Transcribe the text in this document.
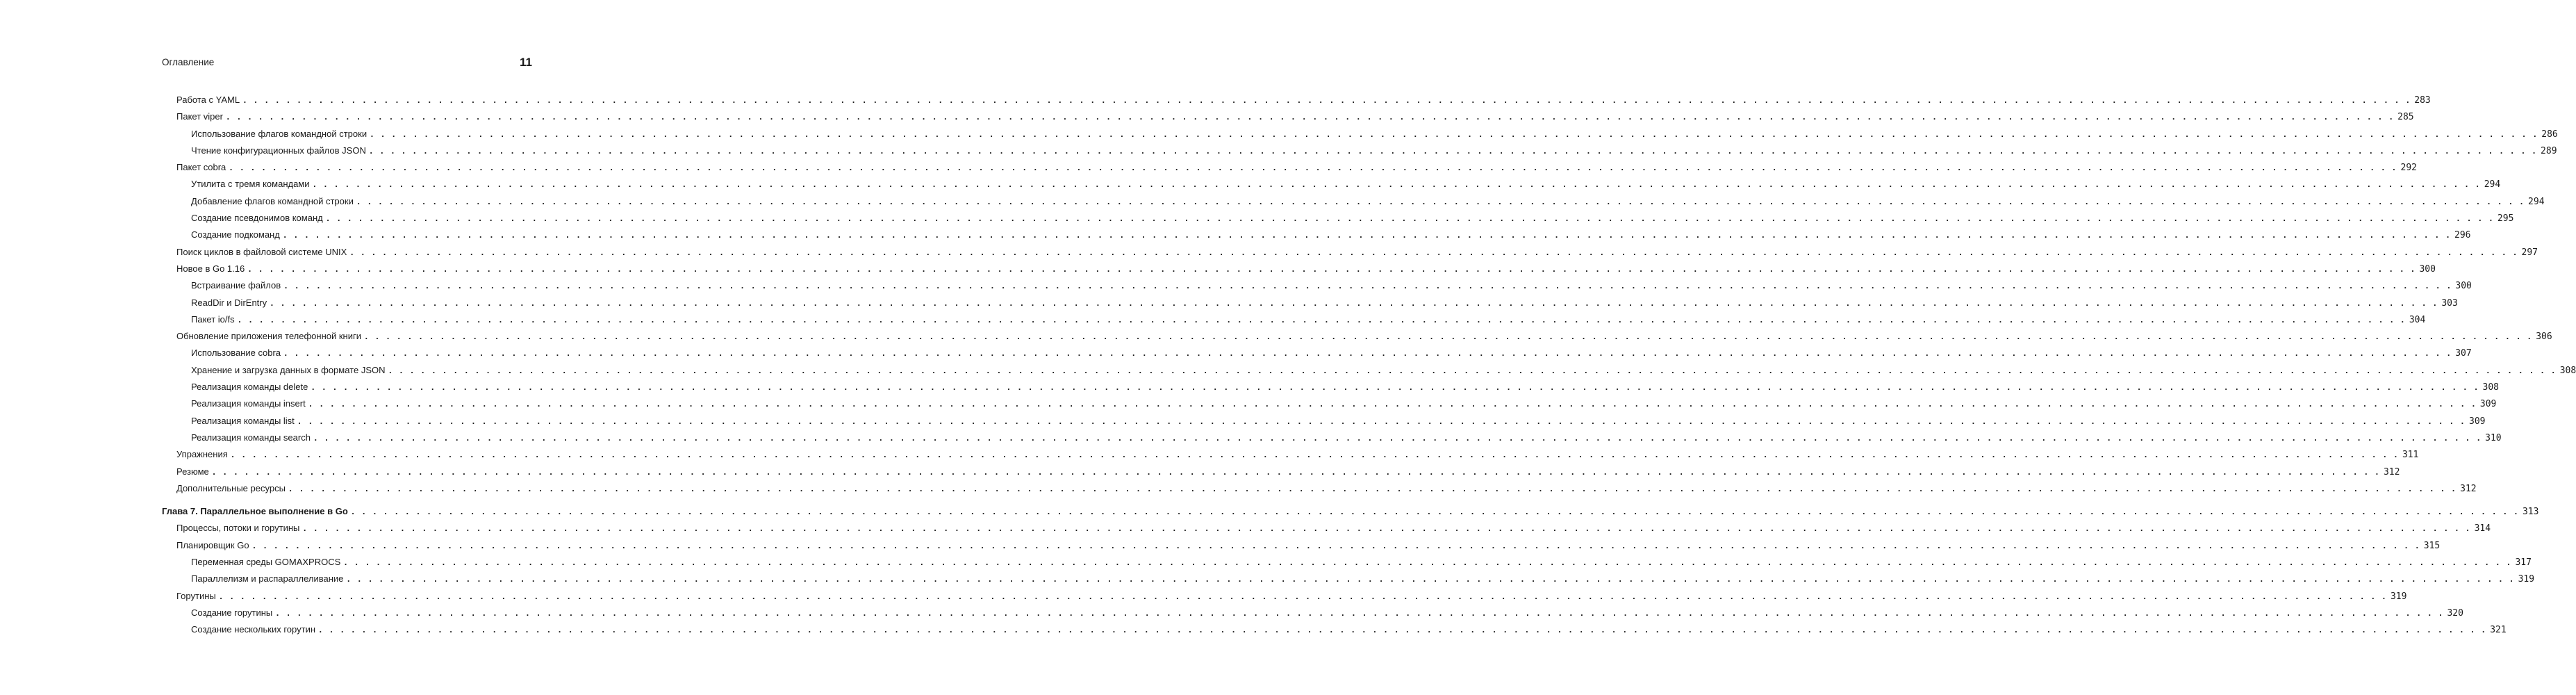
Оглавление	11
Работа с YAML . . . . . . . . . . . . . . . . . . . . . . . . . . . . . . . . . . . . . . . . . . . . . . . . . . . . . . . . . . . . . . . . . . . . . . . . . . . . . . . . . . . . . . . . . . . . . . . . . . . . . . . . . . . . . . . . . . . . . . . . . . . . . . . . . . . . . . . . . . . . . . . . . . . . . . . . . . . . . . . . . . . . . . . . . . . . . . . . . . . . . . . . . . . . . . . . . . . . . . . . 283
Пакет viper . . . . . . . . . . . . . . . . . . . . . . . . . . . . . . . . . . . . . . . . . . . . . . . . . . . . . . . . . . . . . . . . . . . . . . . . . . . . . . . . . . . . . . . . . . . . . . . . . . . . . . . . . . . . . . . . . . . . . . . . . . . . . . . . . . . . . . . . . . . . . . . . . . . . . . . . . . . . . . . . . . . . . . . . . . . . . . . . . . . . . . . . . . . . . . . . . . . . . . . . 285
Использование флагов командной строки . . . . . . . . . . . . . . . . . . . . . . . . . . . . . . . . . . . . . . . . . . . . . . . . . . . . . . . . . . . . . . . . . . . . . . . . . . . . . . . . . . . . . . . . . . . . . . . . . . . . . . . . . . . . . . . . . . . . . . . . . . . . . . . . . . . . . . . . . . . . . . . . . . . . . . . . . . . . . . . . . . . . . . . . . . . . . . . . . . . . . . . . . . . . . . . . . . . . . . . . 286
Чтение конфигурационных файлов JSON . . . . . . . . . . . . . . . . . . . . . . . . . . . . . . . . . . . . . . . . . . . . . . . . . . . . . . . . . . . . . . . . . . . . . . . . . . . . . . . . . . . . . . . . . . . . . . . . . . . . . . . . . . . . . . . . . . . . . . . . . . . . . . . . . . . . . . . . . . . . . . . . . . . . . . . . . . . . . . . . . . . . . . . . . . . . . . . . . . . . . . . . . . . . . . . . . . . . . . . . 289
Пакет cobra . . . . . . . . . . . . . . . . . . . . . . . . . . . . . . . . . . . . . . . . . . . . . . . . . . . . . . . . . . . . . . . . . . . . . . . . . . . . . . . . . . . . . . . . . . . . . . . . . . . . . . . . . . . . . . . . . . . . . . . . . . . . . . . . . . . . . . . . . . . . . . . . . . . . . . . . . . . . . . . . . . . . . . . . . . . . . . . . . . . . . . . . . . . . . . . . . . . . . . . . 292
Утилита с тремя командами . . . . . . . . . . . . . . . . . . . . . . . . . . . . . . . . . . . . . . . . . . . . . . . . . . . . . . . . . . . . . . . . . . . . . . . . . . . . . . . . . . . . . . . . . . . . . . . . . . . . . . . . . . . . . . . . . . . . . . . . . . . . . . . . . . . . . . . . . . . . . . . . . . . . . . . . . . . . . . . . . . . . . . . . . . . . . . . . . . . . . . . . . . . . . . . . . . . . . . . . 294
Добавление флагов командной строки . . . . . . . . . . . . . . . . . . . . . . . . . . . . . . . . . . . . . . . . . . . . . . . . . . . . . . . . . . . . . . . . . . . . . . . . . . . . . . . . . . . . . . . . . . . . . . . . . . . . . . . . . . . . . . . . . . . . . . . . . . . . . . . . . . . . . . . . . . . . . . . . . . . . . . . . . . . . . . . . . . . . . . . . . . . . . . . . . . . . . . . . . . . . . . . . . . . . . . . . 294
Создание псевдонимов команд . . . . . . . . . . . . . . . . . . . . . . . . . . . . . . . . . . . . . . . . . . . . . . . . . . . . . . . . . . . . . . . . . . . . . . . . . . . . . . . . . . . . . . . . . . . . . . . . . . . . . . . . . . . . . . . . . . . . . . . . . . . . . . . . . . . . . . . . . . . . . . . . . . . . . . . . . . . . . . . . . . . . . . . . . . . . . . . . . . . . . . . . . . . . . . . . . . . . . . . . 295
Создание подкоманд . . . . . . . . . . . . . . . . . . . . . . . . . . . . . . . . . . . . . . . . . . . . . . . . . . . . . . . . . . . . . . . . . . . . . . . . . . . . . . . . . . . . . . . . . . . . . . . . . . . . . . . . . . . . . . . . . . . . . . . . . . . . . . . . . . . . . . . . . . . . . . . . . . . . . . . . . . . . . . . . . . . . . . . . . . . . . . . . . . . . . . . . . . . . . . . . . . . . . . . . 296
Поиск циклов в файловой системе UNIX . . . . . . . . . . . . . . . . . . . . . . . . . . . . . . . . . . . . . . . . . . . . . . . . . . . . . . . . . . . . . . . . . . . . . . . . . . . . . . . . . . . . . . . . . . . . . . . . . . . . . . . . . . . . . . . . . . . . . . . . . . . . . . . . . . . . . . . . . . . . . . . . . . . . . . . . . . . . . . . . . . . . . . . . . . . . . . . . . . . . . . . . . . . . . . . . . . . . . . . . 297
Новое в Go 1.16 . . . . . . . . . . . . . . . . . . . . . . . . . . . . . . . . . . . . . . . . . . . . . . . . . . . . . . . . . . . . . . . . . . . . . . . . . . . . . . . . . . . . . . . . . . . . . . . . . . . . . . . . . . . . . . . . . . . . . . . . . . . . . . . . . . . . . . . . . . . . . . . . . . . . . . . . . . . . . . . . . . . . . . . . . . . . . . . . . . . . . . . . . . . . . . . . . . . . . . . . 300
Встраивание файлов . . . . . . . . . . . . . . . . . . . . . . . . . . . . . . . . . . . . . . . . . . . . . . . . . . . . . . . . . . . . . . . . . . . . . . . . . . . . . . . . . . . . . . . . . . . . . . . . . . . . . . . . . . . . . . . . . . . . . . . . . . . . . . . . . . . . . . . . . . . . . . . . . . . . . . . . . . . . . . . . . . . . . . . . . . . . . . . . . . . . . . . . . . . . . . . . . . . . . . . . 300
ReadDir и DirEntry . . . . . . . . . . . . . . . . . . . . . . . . . . . . . . . . . . . . . . . . . . . . . . . . . . . . . . . . . . . . . . . . . . . . . . . . . . . . . . . . . . . . . . . . . . . . . . . . . . . . . . . . . . . . . . . . . . . . . . . . . . . . . . . . . . . . . . . . . . . . . . . . . . . . . . . . . . . . . . . . . . . . . . . . . . . . . . . . . . . . . . . . . . . . . . . . . . . . . . . . 303
Пакет io/fs . . . . . . . . . . . . . . . . . . . . . . . . . . . . . . . . . . . . . . . . . . . . . . . . . . . . . . . . . . . . . . . . . . . . . . . . . . . . . . . . . . . . . . . . . . . . . . . . . . . . . . . . . . . . . . . . . . . . . . . . . . . . . . . . . . . . . . . . . . . . . . . . . . . . . . . . . . . . . . . . . . . . . . . . . . . . . . . . . . . . . . . . . . . . . . . . . . . . . . . . 304
Обновление приложения телефонной книги . . . . . . . . . . . . . . . . . . . . . . . . . . . . . . . . . . . . . . . . . . . . . . . . . . . . . . . . . . . . . . . . . . . . . . . . . . . . . . . . . . . . . . . . . . . . . . . . . . . . . . . . . . . . . . . . . . . . . . . . . . . . . . . . . . . . . . . . . . . . . . . . . . . . . . . . . . . . . . . . . . . . . . . . . . . . . . . . . . . . . . . . . . . . . . . . . . . . . . . . 306
Использование cobra . . . . . . . . . . . . . . . . . . . . . . . . . . . . . . . . . . . . . . . . . . . . . . . . . . . . . . . . . . . . . . . . . . . . . . . . . . . . . . . . . . . . . . . . . . . . . . . . . . . . . . . . . . . . . . . . . . . . . . . . . . . . . . . . . . . . . . . . . . . . . . . . . . . . . . . . . . . . . . . . . . . . . . . . . . . . . . . . . . . . . . . . . . . . . . . . . . . . . . . . 307
Хранение и загрузка данных в формате JSON . . . . . . . . . . . . . . . . . . . . . . . . . . . . . . . . . . . . . . . . . . . . . . . . . . . . . . . . . . . . . . . . . . . . . . . . . . . . . . . . . . . . . . . . . . . . . . . . . . . . . . . . . . . . . . . . . . . . . . . . . . . . . . . . . . . . . . . . . . . . . . . . . . . . . . . . . . . . . . . . . . . . . . . . . . . . . . . . . . . . . . . . . . . . . . . . . . . . . . . . 308
Реализация команды delete . . . . . . . . . . . . . . . . . . . . . . . . . . . . . . . . . . . . . . . . . . . . . . . . . . . . . . . . . . . . . . . . . . . . . . . . . . . . . . . . . . . . . . . . . . . . . . . . . . . . . . . . . . . . . . . . . . . . . . . . . . . . . . . . . . . . . . . . . . . . . . . . . . . . . . . . . . . . . . . . . . . . . . . . . . . . . . . . . . . . . . . . . . . . . . . . . . . . . . . . 308
Реализация команды insert . . . . . . . . . . . . . . . . . . . . . . . . . . . . . . . . . . . . . . . . . . . . . . . . . . . . . . . . . . . . . . . . . . . . . . . . . . . . . . . . . . . . . . . . . . . . . . . . . . . . . . . . . . . . . . . . . . . . . . . . . . . . . . . . . . . . . . . . . . . . . . . . . . . . . . . . . . . . . . . . . . . . . . . . . . . . . . . . . . . . . . . . . . . . . . . . . . . . . . . . 309
Реализация команды list . . . . . . . . . . . . . . . . . . . . . . . . . . . . . . . . . . . . . . . . . . . . . . . . . . . . . . . . . . . . . . . . . . . . . . . . . . . . . . . . . . . . . . . . . . . . . . . . . . . . . . . . . . . . . . . . . . . . . . . . . . . . . . . . . . . . . . . . . . . . . . . . . . . . . . . . . . . . . . . . . . . . . . . . . . . . . . . . . . . . . . . . . . . . . . . . . . . . . . . . 309
Реализация команды search . . . . . . . . . . . . . . . . . . . . . . . . . . . . . . . . . . . . . . . . . . . . . . . . . . . . . . . . . . . . . . . . . . . . . . . . . . . . . . . . . . . . . . . . . . . . . . . . . . . . . . . . . . . . . . . . . . . . . . . . . . . . . . . . . . . . . . . . . . . . . . . . . . . . . . . . . . . . . . . . . . . . . . . . . . . . . . . . . . . . . . . . . . . . . . . . . . . . . . . . 310
Упражнения . . . . . . . . . . . . . . . . . . . . . . . . . . . . . . . . . . . . . . . . . . . . . . . . . . . . . . . . . . . . . . . . . . . . . . . . . . . . . . . . . . . . . . . . . . . . . . . . . . . . . . . . . . . . . . . . . . . . . . . . . . . . . . . . . . . . . . . . . . . . . . . . . . . . . . . . . . . . . . . . . . . . . . . . . . . . . . . . . . . . . . . . . . . . . . . . . . . . . . . . 311
Резюме . . . . . . . . . . . . . . . . . . . . . . . . . . . . . . . . . . . . . . . . . . . . . . . . . . . . . . . . . . . . . . . . . . . . . . . . . . . . . . . . . . . . . . . . . . . . . . . . . . . . . . . . . . . . . . . . . . . . . . . . . . . . . . . . . . . . . . . . . . . . . . . . . . . . . . . . . . . . . . . . . . . . . . . . . . . . . . . . . . . . . . . . . . . . . . . . . . . . . . . . 312
Дополнительные ресурсы . . . . . . . . . . . . . . . . . . . . . . . . . . . . . . . . . . . . . . . . . . . . . . . . . . . . . . . . . . . . . . . . . . . . . . . . . . . . . . . . . . . . . . . . . . . . . . . . . . . . . . . . . . . . . . . . . . . . . . . . . . . . . . . . . . . . . . . . . . . . . . . . . . . . . . . . . . . . . . . . . . . . . . . . . . . . . . . . . . . . . . . . . . . . . . . . . . . . . . . . 312
Глава 7. Параллельное выполнение в Go . . . . . . . . . . . . . . . . . . . . . . . . . . . . . . . . . . . . . . . . . . . . . . . . . . . . . . . . . . . . . . . . . . . . . . . . . . . . . . . . . . . . . . . . . . . . . . . . . . . . . . . . . . . . . . . . . . . . . . . . . . . . . . . . . . . . . . . . . . . . . . . . . . . . . . . . . . . . . . . . . . . . . . . . . . . . . . . . . . . . . . . . . . . . . . . . . . . . . . . . 313
Процессы, потоки и горутины . . . . . . . . . . . . . . . . . . . . . . . . . . . . . . . . . . . . . . . . . . . . . . . . . . . . . . . . . . . . . . . . . . . . . . . . . . . . . . . . . . . . . . . . . . . . . . . . . . . . . . . . . . . . . . . . . . . . . . . . . . . . . . . . . . . . . . . . . . . . . . . . . . . . . . . . . . . . . . . . . . . . . . . . . . . . . . . . . . . . . . . . . . . . . . . . . . . . . . . . 314
Планировщик Go . . . . . . . . . . . . . . . . . . . . . . . . . . . . . . . . . . . . . . . . . . . . . . . . . . . . . . . . . . . . . . . . . . . . . . . . . . . . . . . . . . . . . . . . . . . . . . . . . . . . . . . . . . . . . . . . . . . . . . . . . . . . . . . . . . . . . . . . . . . . . . . . . . . . . . . . . . . . . . . . . . . . . . . . . . . . . . . . . . . . . . . . . . . . . . . . . . . . . . . . 315
Переменная среды GOMAXPROCS . . . . . . . . . . . . . . . . . . . . . . . . . . . . . . . . . . . . . . . . . . . . . . . . . . . . . . . . . . . . . . . . . . . . . . . . . . . . . . . . . . . . . . . . . . . . . . . . . . . . . . . . . . . . . . . . . . . . . . . . . . . . . . . . . . . . . . . . . . . . . . . . . . . . . . . . . . . . . . . . . . . . . . . . . . . . . . . . . . . . . . . . . . . . . . . . . . . . . . . . 317
Параллелизм и распараллеливание . . . . . . . . . . . . . . . . . . . . . . . . . . . . . . . . . . . . . . . . . . . . . . . . . . . . . . . . . . . . . . . . . . . . . . . . . . . . . . . . . . . . . . . . . . . . . . . . . . . . . . . . . . . . . . . . . . . . . . . . . . . . . . . . . . . . . . . . . . . . . . . . . . . . . . . . . . . . . . . . . . . . . . . . . . . . . . . . . . . . . . . . . . . . . . . . . . . . . . . . 319
Горутины . . . . . . . . . . . . . . . . . . . . . . . . . . . . . . . . . . . . . . . . . . . . . . . . . . . . . . . . . . . . . . . . . . . . . . . . . . . . . . . . . . . . . . . . . . . . . . . . . . . . . . . . . . . . . . . . . . . . . . . . . . . . . . . . . . . . . . . . . . . . . . . . . . . . . . . . . . . . . . . . . . . . . . . . . . . . . . . . . . . . . . . . . . . . . . . . . . . . . . . . 319
Создание горутины . . . . . . . . . . . . . . . . . . . . . . . . . . . . . . . . . . . . . . . . . . . . . . . . . . . . . . . . . . . . . . . . . . . . . . . . . . . . . . . . . . . . . . . . . . . . . . . . . . . . . . . . . . . . . . . . . . . . . . . . . . . . . . . . . . . . . . . . . . . . . . . . . . . . . . . . . . . . . . . . . . . . . . . . . . . . . . . . . . . . . . . . . . . . . . . . . . . . . . . . 320
Создание нескольких горутин . . . . . . . . . . . . . . . . . . . . . . . . . . . . . . . . . . . . . . . . . . . . . . . . . . . . . . . . . . . . . . . . . . . . . . . . . . . . . . . . . . . . . . . . . . . . . . . . . . . . . . . . . . . . . . . . . . . . . . . . . . . . . . . . . . . . . . . . . . . . . . . . . . . . . . . . . . . . . . . . . . . . . . . . . . . . . . . . . . . . . . . . . . . . . . . . . . . . . . . . 321
